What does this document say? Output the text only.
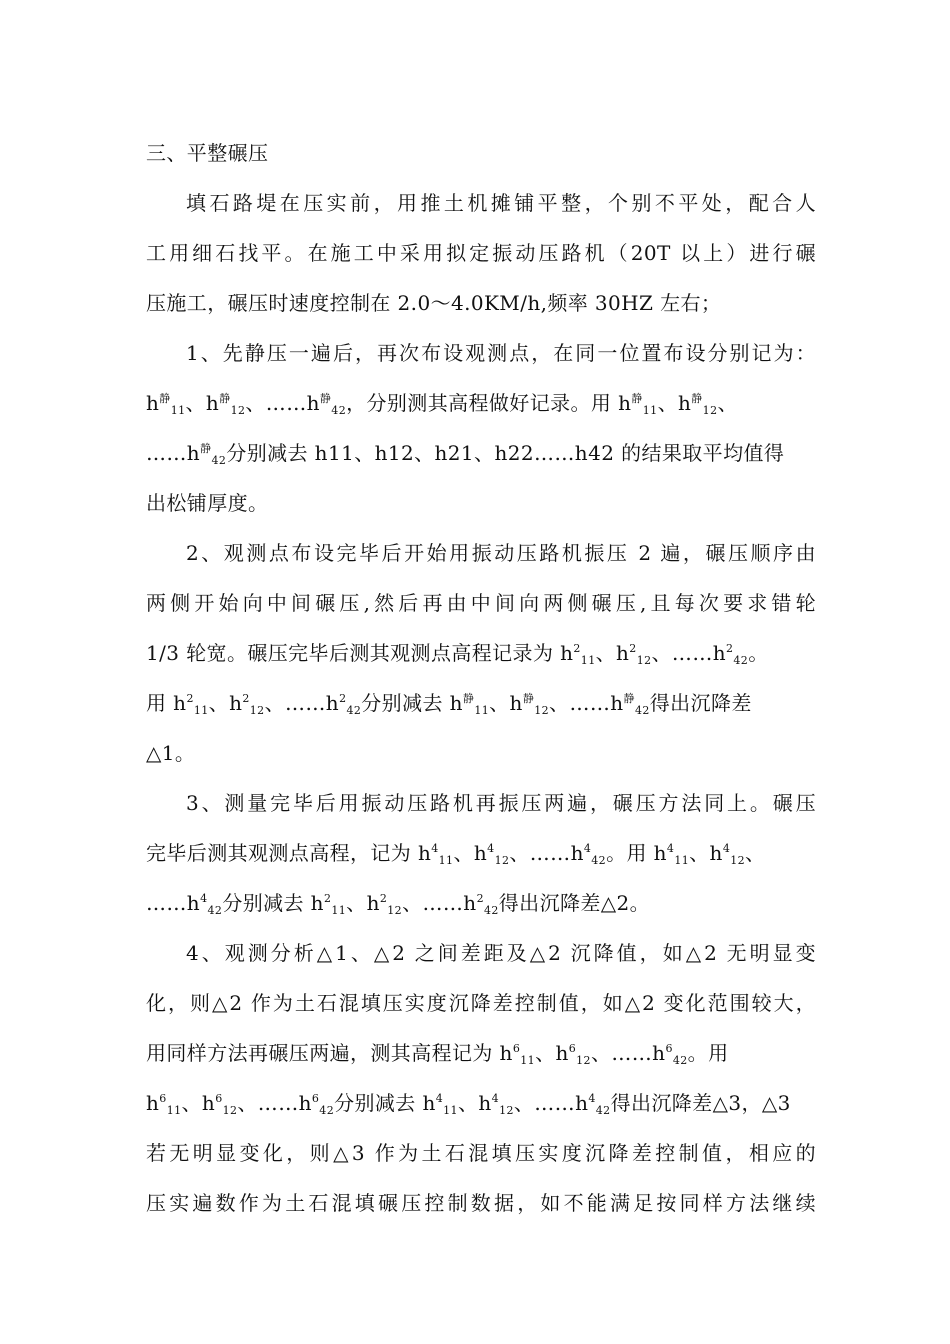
三、平整碾压
填石路堤在压实前，用推土机摊铺平整，个别不平处，配合人
工用细石找平。在施工中采用拟定振动压路机（20T 以上）进行碾
压施工，碾压时速度控制在 2.0～4.0KM/h,频率 30HZ 左右；
1、先静压一遍后，再次布设观测点，在同一位置布设分别记为：
$h^静_{11}$、$h^静_{12}$、$\dots\dots h^静_{42}$，分别测其高程做好记录。用 $h^静_{11}$、$h^静_{12}$、
$\dots\dots h^静_{42}$分别减去 h11、h12、h21、h22……h42 的结果取平均值得
出松铺厚度。
2、观测点布设完毕后开始用振动压路机振压 2 遍，碾压顺序由
两侧开始向中间碾压,然后再由中间向两侧碾压,且每次要求错轮
1/3 轮宽。碾压完毕后测其观测点高程记录为 $h^2_{11}$、$h^2_{12}$、$\dots\dots h^2_{42}$。
用 $h^2_{11}$、$h^2_{12}$、$\dots\dots h^2_{42}$分别减去 $h^静_{11}$、$h^静_{12}$、$\dots\dots h^静_{42}$得出沉降差
△1。
3、测量完毕后用振动压路机再振压两遍，碾压方法同上。碾压
完毕后测其观测点高程，记为 $h^4_{11}$、$h^4_{12}$、$\dots\dots h^4_{42}$。用 $h^4_{11}$、$h^4_{12}$、
$\dots\dots h^4_{42}$分别减去 $h^2_{11}$、$h^2_{12}$、$\dots\dots h^2_{42}$得出沉降差△2。
4、观测分析△1、△2 之间差距及△2 沉降值，如△2 无明显变
化，则△2 作为土石混填压实度沉降差控制值，如△2 变化范围较大，
用同样方法再碾压两遍，测其高程记为 $h^6_{11}$、$h^6_{12}$、$\dots\dots h^6_{42}$。用
$h^6_{11}$、$h^6_{12}$、$\dots\dots h^6_{42}$分别减去 $h^4_{11}$、$h^4_{12}$、$\dots\dots h^4_{42}$得出沉降差△3，△3
若无明显变化，则△3 作为土石混填压实度沉降差控制值，相应的
压实遍数作为土石混填碾压控制数据，如不能满足按同样方法继续
